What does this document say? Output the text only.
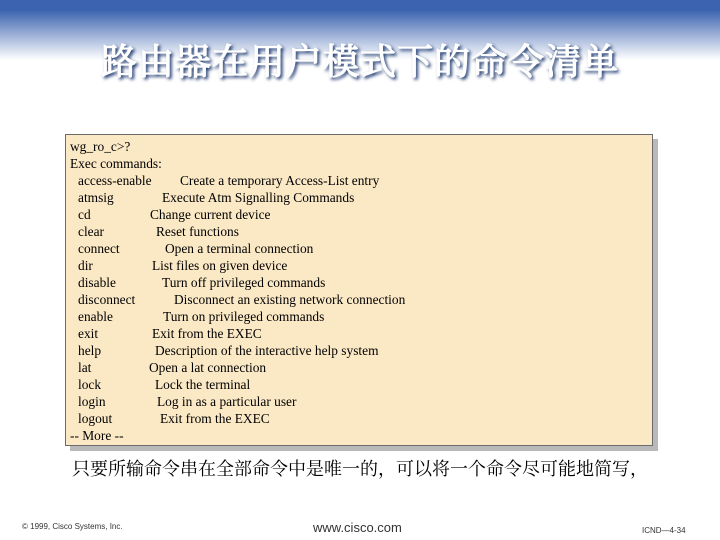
路由器在用户模式下的命令清单
wg_ro_c>?
Exec commands:
access-enable Create a temporary Access-List entry
atmsig	Execute Atm Signalling Commands
cd	Change current device
clear	Reset functions
connect	Open a terminal connection
dir	List files on given device
disable	Turn off privileged commands
disconnect	Disconnect an existing network connection
enable	Turn on privileged commands
exit	Exit from the EXEC
help	Description of the interactive help system
lat	Open a lat connection
lock	Lock the terminal
login	Log in as a particular user
logout	Exit from the EXEC
-- More --
只要所输命令串在全部命令中是唯一的，可以将一个命令尽可能地简写，
© 1999, Cisco Systems, Inc.	www.cisco.com	ICND—4-34
